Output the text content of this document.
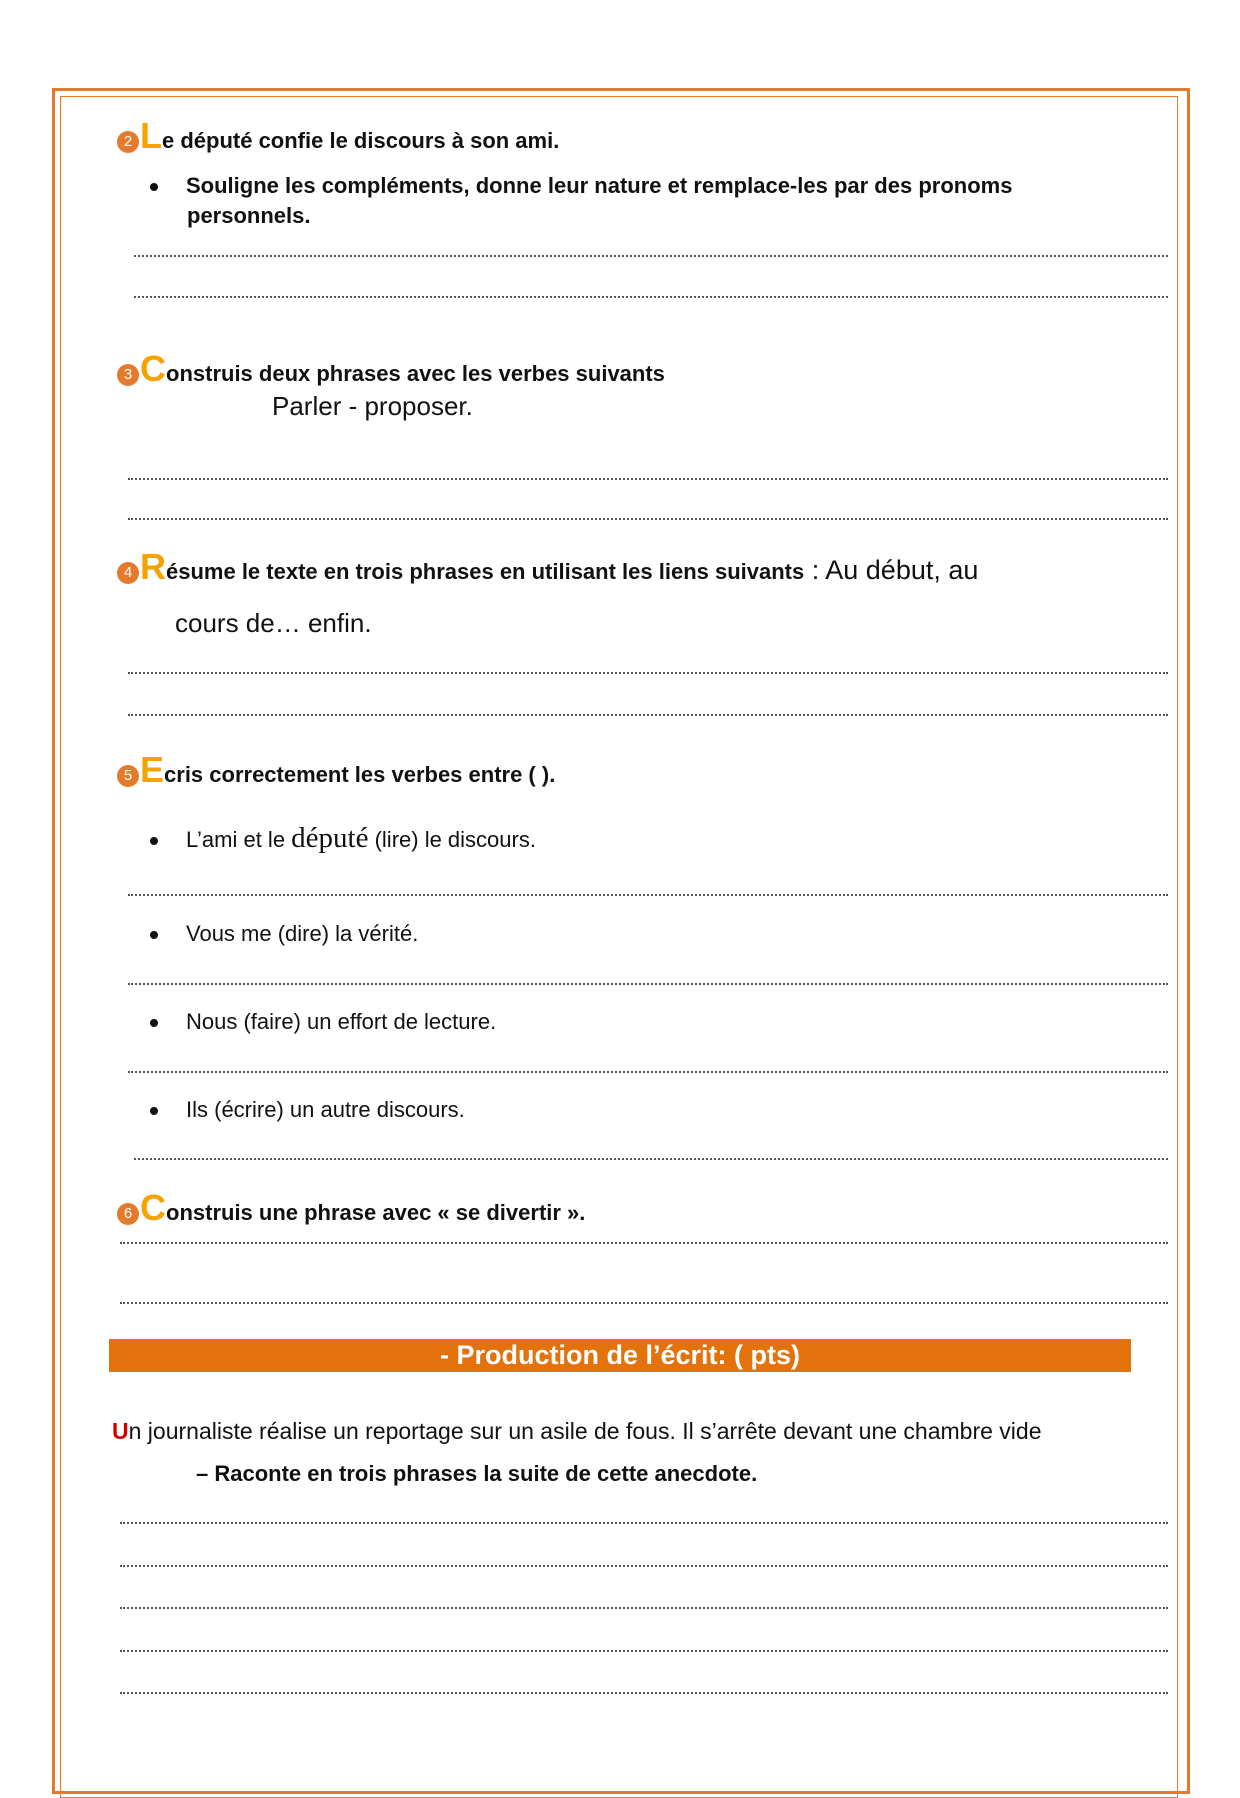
2 Le député confie le discours à son ami.
Souligne les compléments, donne leur nature et remplace-les par des pronoms
personnels.
3 Construis deux phrases avec les verbes suivants
Parler - proposer.
4 Résume le texte en trois phrases en utilisant les liens suivants : Au début, au
cours de… enfin.
5 Ecris correctement les verbes entre ( ).
L’ami et le député (lire) le discours.
Vous me (dire) la vérité.
Nous (faire) un effort de lecture.
Ils (écrire) un autre discours.
6 Construis une phrase avec « se divertir ».
- Production de l’écrit: ( pts)
Un journaliste réalise un reportage sur un asile de fous. Il s’arrête devant une chambre vide
– Raconte en trois phrases la suite de cette anecdote.
